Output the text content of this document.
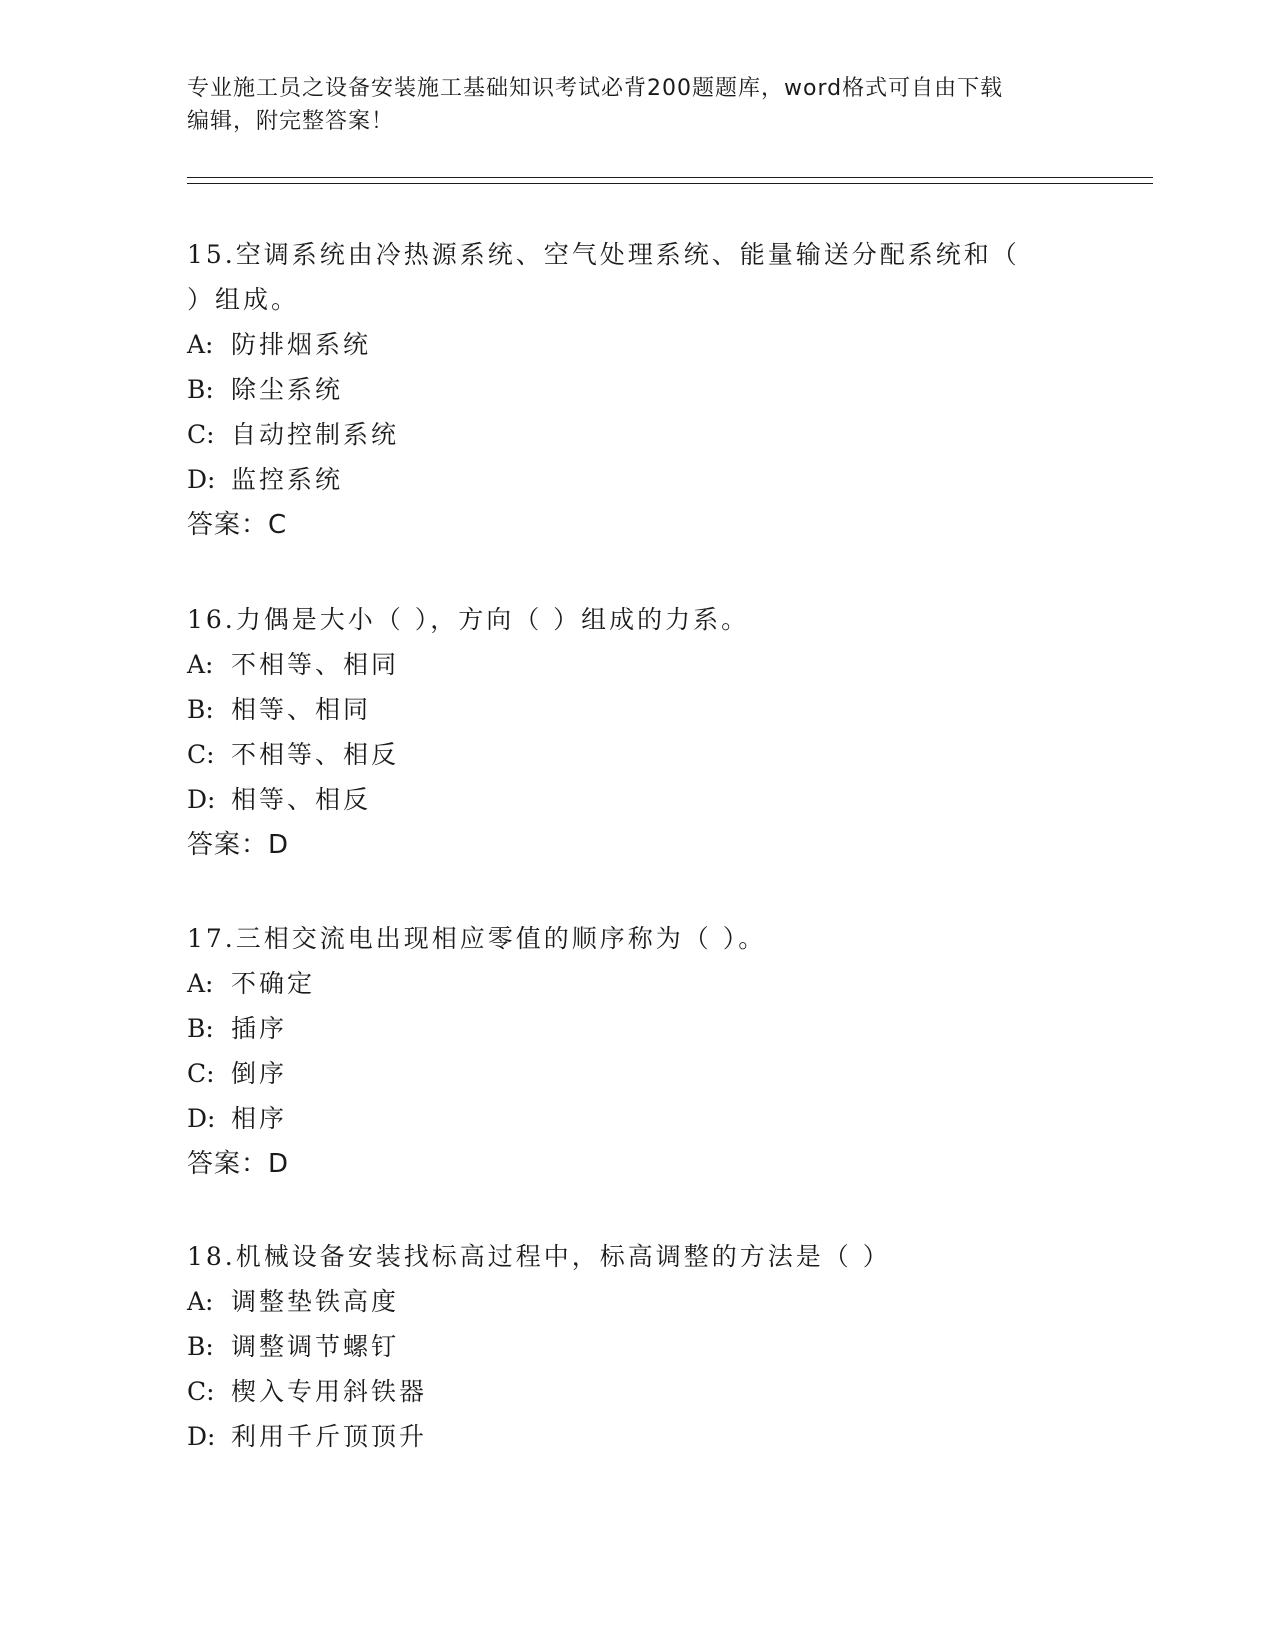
专业施工员之设备安装施工基础知识考试必背200题题库，word格式可自由下载
编辑，附完整答案！
15.空调系统由冷热源系统、空气处理系统、能量输送分配系统和（
）组成。
A: 防排烟系统
B: 除尘系统
C: 自动控制系统
D: 监控系统
答案：C
16.力偶是大小（ ），方向（ ）组成的力系。
A: 不相等、相同
B: 相等、相同
C: 不相等、相反
D: 相等、相反
答案：D
17.三相交流电出现相应零值的顺序称为（ ）。
A: 不确定
B: 插序
C: 倒序
D: 相序
答案：D
18.机械设备安装找标高过程中，标高调整的方法是（ ）
A: 调整垫铁高度
B: 调整调节螺钉
C: 楔入专用斜铁器
D: 利用千斤顶顶升
